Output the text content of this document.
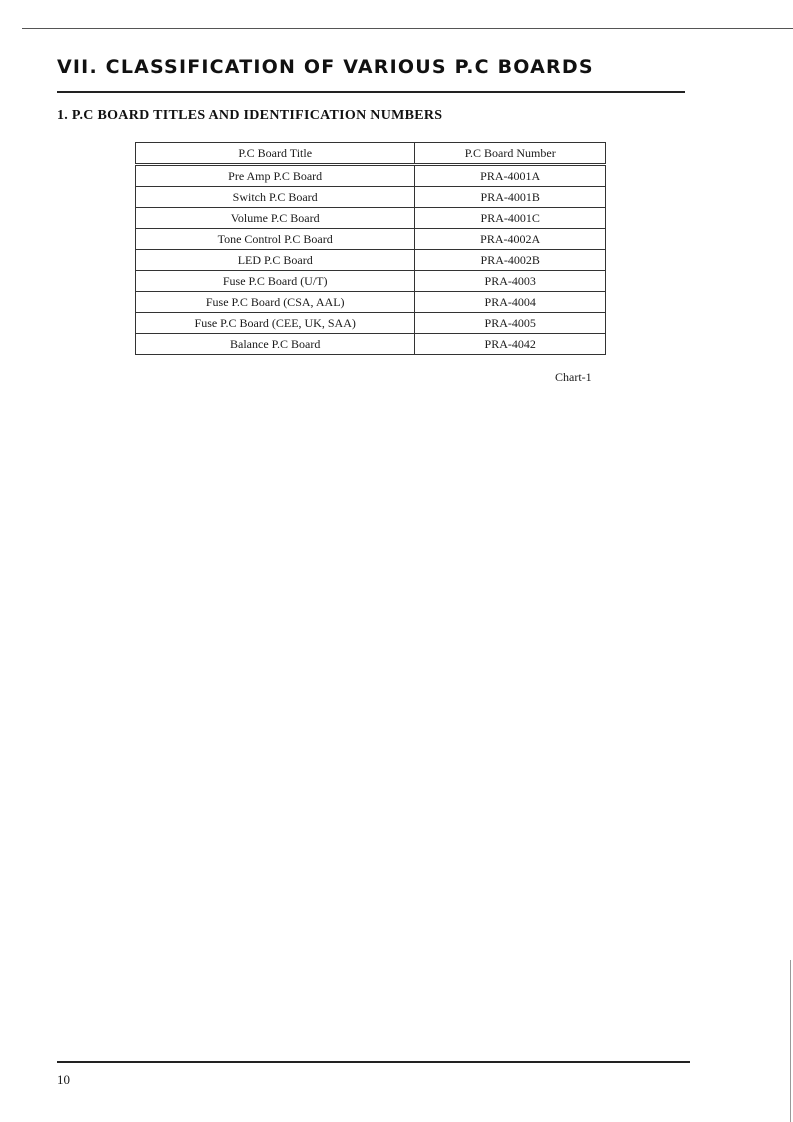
VII. CLASSIFICATION OF VARIOUS P.C BOARDS
1. P.C BOARD TITLES AND IDENTIFICATION NUMBERS
P.C Board Title	P.C Board Number
Pre Amp P.C Board	PRA-4001A
Switch P.C Board	PRA-4001B
Volume P.C Board	PRA-4001C
Tone Control P.C Board	PRA-4002A
LED P.C Board	PRA-4002B
Fuse P.C Board (U/T)	PRA-4003
Fuse P.C Board (CSA, AAL)	PRA-4004
Fuse P.C Board (CEE, UK, SAA)	PRA-4005
Balance P.C Board	PRA-4042
Chart-1
10
